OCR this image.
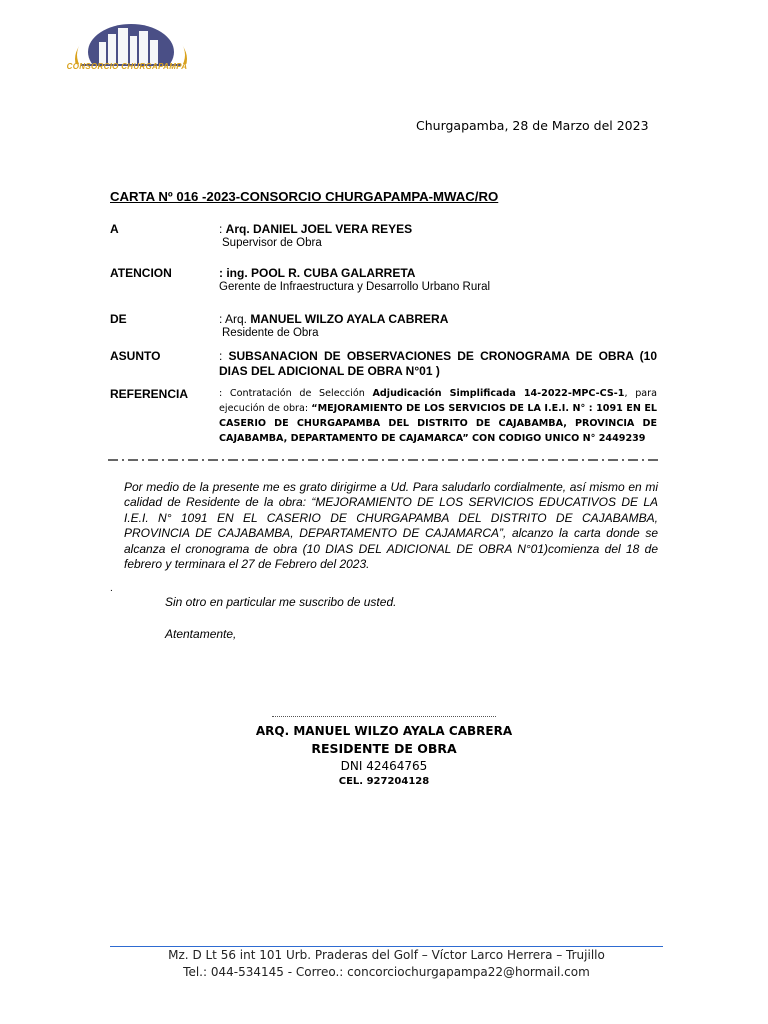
CONSORCIO CHURGAPAMPA
Churgapamba, 28 de Marzo del 2023
CARTA Nº 016 -2023-CONSORCIO CHURGAPAMPA-MWAC/RO
A	: Arq. DANIEL JOEL VERA REYES
Supervisor de Obra
ATENCION	: ing. POOL R. CUBA GALARRETA
Gerente de Infraestructura y Desarrollo Urbano Rural
DE	: Arq. MANUEL WILZO AYALA CABRERA
Residente de Obra
ASUNTO	: SUBSANACION DE OBSERVACIONES DE CRONOGRAMA DE OBRA (10 DIAS DEL ADICIONAL DE OBRA N°01 )
REFERENCIA	: Contratación de Selección Adjudicación Simplificada 14-2022-MPC-CS-1, para ejecución de obra: “MEJORAMIENTO DE LOS SERVICIOS DE LA I.E.I. N° : 1091 EN EL CASERIO DE CHURGAPAMBA DEL DISTRITO DE CAJABAMBA, PROVINCIA DE CAJABAMBA, DEPARTAMENTO DE CAJAMARCA” CON CODIGO UNICO N° 2449239
Por medio de la presente me es grato dirigirme a Ud. Para saludarlo cordialmente, así mismo en mi calidad de Residente de la obra: “MEJORAMIENTO DE LOS SERVICIOS EDUCATIVOS DE LA I.E.I. N° 1091 EN EL CASERIO DE CHURGAPAMBA DEL DISTRITO DE CAJABAMBA, PROVINCIA DE CAJABAMBA, DEPARTAMENTO DE CAJAMARCA”, alcanzo la carta donde se alcanza el cronograma de obra (10 DIAS DEL ADICIONAL DE OBRA N°01)comienza del 18 de febrero y terminara el 27 de Febrero del 2023.
.
Sin otro en particular me suscribo de usted.
Atentamente,
ARQ. MANUEL WILZO AYALA CABRERA
RESIDENTE DE OBRA
DNI 42464765
CEL. 927204128
Mz. D Lt 56 int 101 Urb. Praderas del Golf – Víctor Larco Herrera – Trujillo
Tel.: 044-534145 - Correo.: concorciochurgapampa22@hormail.com
